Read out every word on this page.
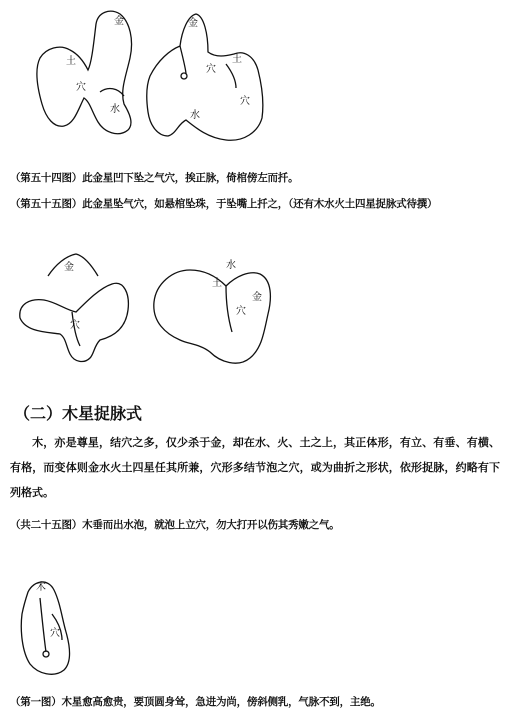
金
土
穴
水
金
土
穴
穴
水
（第五十四图）此金星凹下坠之气穴，挨正脉，倚棺傍左而扦。
（第五十五图）此金星坠气穴，如悬棺坠珠，于坠嘴上扦之，（还有木水火土四星捉脉式待撰）
金
穴
水
土
金
穴
（二）木星捉脉式
木，亦是尊星，结穴之多，仅少杀于金，却在水、火、土之上，其正体形，有立、有垂、有横、有格，而变体则金水火土四星任其所兼，穴形多结节泡之穴，或为曲折之形状，依形捉脉，约略有下列格式。
（共二十五图）木垂而出水泡，就泡上立穴，勿大打开以伤其秀嫩之气。
木
穴
（第一图）木星愈高愈贵，要顶圆身耸，急进为尚，傍斜侧乳，气脉不到，主绝。
